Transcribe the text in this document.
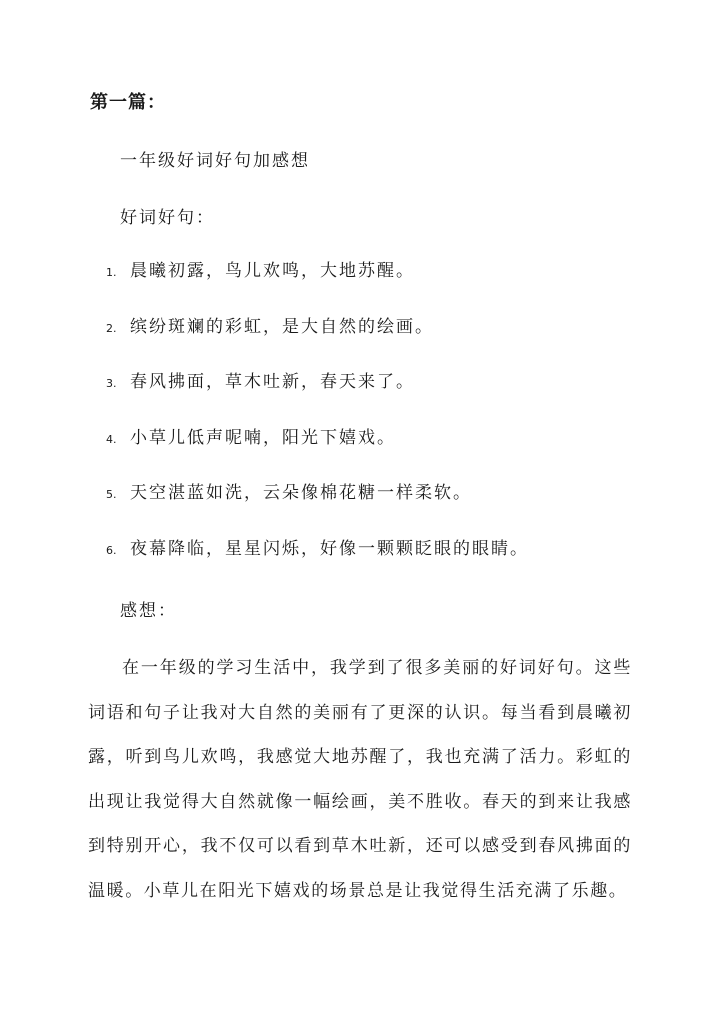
第一篇：
一年级好词好句加感想
好词好句：
1. 晨曦初露，鸟儿欢鸣，大地苏醒。
2. 缤纷斑斓的彩虹，是大自然的绘画。
3. 春风拂面，草木吐新，春天来了。
4. 小草儿低声呢喃，阳光下嬉戏。
5. 天空湛蓝如洗，云朵像棉花糖一样柔软。
6. 夜幕降临，星星闪烁，好像一颗颗眨眼的眼睛。
感想：

在一年级的学习生活中，我学到了很多美丽的好词好句。这些词语和句子让我对大自然的美丽有了更深的认识。每当看到晨曦初露，听到鸟儿欢鸣，我感觉大地苏醒了，我也充满了活力。彩虹的出现让我觉得大自然就像一幅绘画，美不胜收。春天的到来让我感到特别开心，我不仅可以看到草木吐新，还可以感受到春风拂面的温暖。小草儿在阳光下嬉戏的场景总是让我觉得生活充满了乐趣。
